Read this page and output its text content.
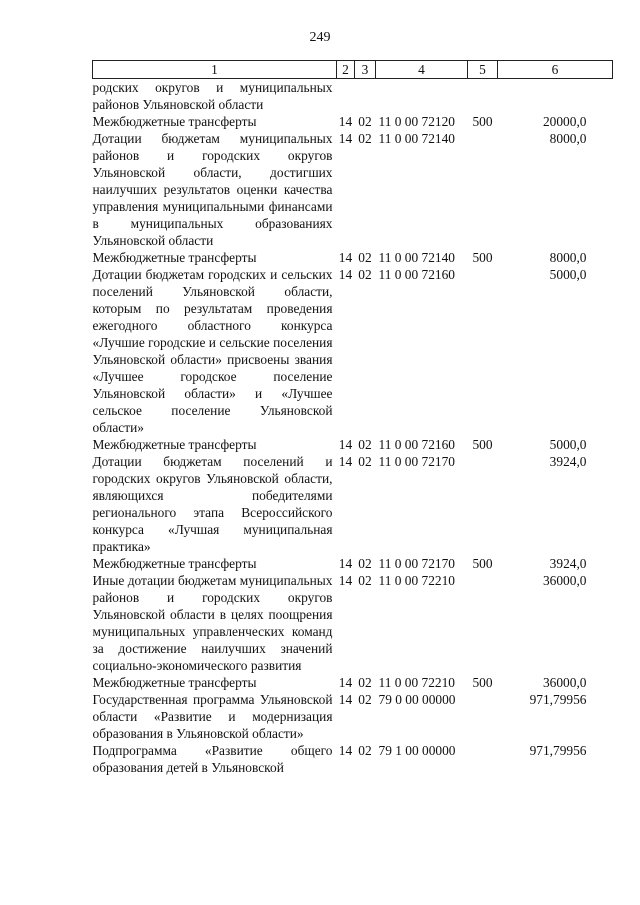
249
1	2	3	4	5	6
родских округов и муниципальных районов Ульяновской области					
Межбюджетные трансферты	14	02	11 0 00 72120	500	20000,0
Дотации бюджетам муниципальных районов и городских округов Ульяновской области, достигших наилучших результатов оценки качества управления муниципальными финансами в муниципальных образованиях Ульяновской области	14	02	11 0 00 72140		8000,0
Межбюджетные трансферты	14	02	11 0 00 72140	500	8000,0
Дотации бюджетам городских и сельских поселений Ульяновской области, которым по результатам проведения ежегодного областного конкурса «Лучшие городские и сельские поселения Ульяновской области» присвоены звания «Лучшее городское поселение Ульяновской области» и «Лучшее сельское поселение Ульяновской области»	14	02	11 0 00 72160		5000,0
Межбюджетные трансферты	14	02	11 0 00 72160	500	5000,0
Дотации бюджетам поселений и городских округов Ульяновской области, являющихся победителями регионального этапа Всероссийского конкурса «Лучшая муниципальная практика»	14	02	11 0 00 72170		3924,0
Межбюджетные трансферты	14	02	11 0 00 72170	500	3924,0
Иные дотации бюджетам муниципальных районов и городских округов Ульяновской области в целях поощрения муниципальных управленческих команд за достижение наилучших значений социально-экономического развития	14	02	11 0 00 72210		36000,0
Межбюджетные трансферты	14	02	11 0 00 72210	500	36000,0
Государственная программа Ульяновской области «Развитие и модернизация образования в Ульяновской области»	14	02	79 0 00 00000		971,79956
Подпрограмма «Развитие общего образования детей в Ульяновской	14	02	79 1 00 00000		971,79956
